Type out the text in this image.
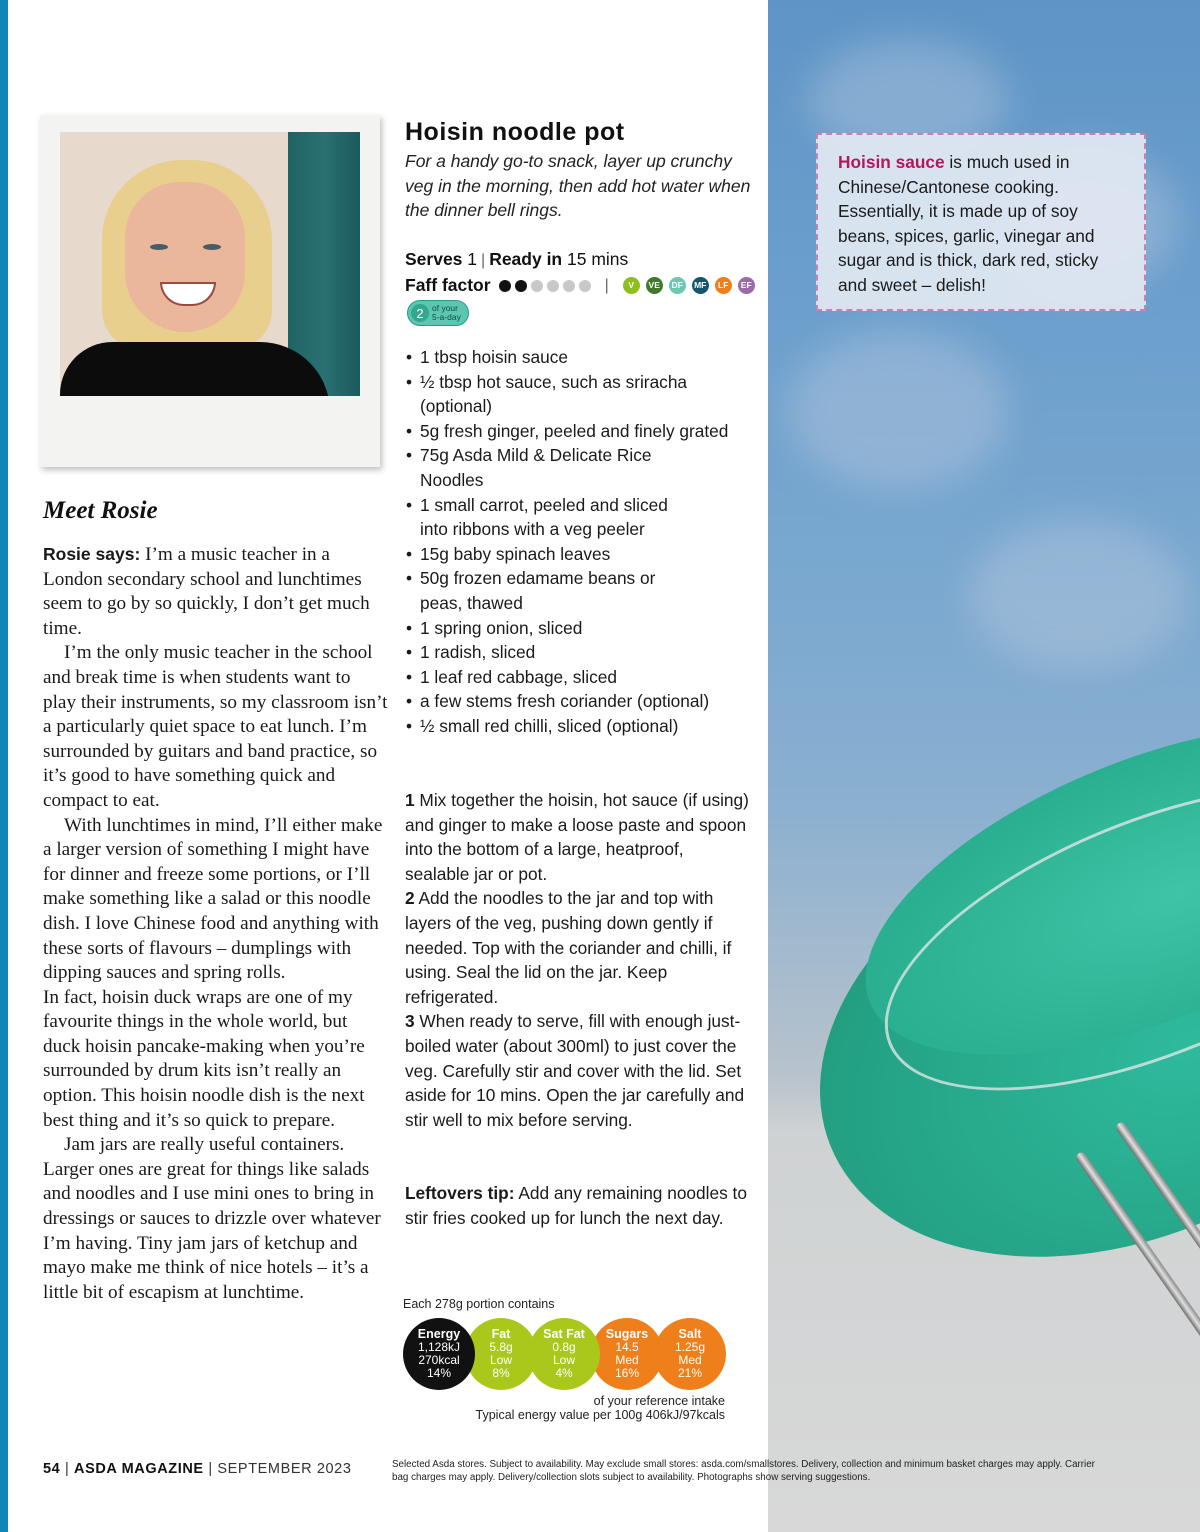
Meet Rosie

Rosie says: I’m a music teacher in a London secondary school and lunchtimes seem to go by so quickly, I don’t get much time.

I’m the only music teacher in the school and break time is when students want to play their instruments, so my classroom isn’t a particularly quiet space to eat lunch. I’m surrounded by guitars and band practice, so it’s good to have something quick and compact to eat.

With lunchtimes in mind, I’ll either make a larger version of something I might have for dinner and freeze some portions, or I’ll make something like a salad or this noodle dish. I love Chinese food and anything with these sorts of flavours – dumplings with dipping sauces and spring rolls.

In fact, hoisin duck wraps are one of my favourite things in the whole world, but duck hoisin pancake-making when you’re surrounded by drum kits isn’t really an option. This hoisin noodle dish is the next best thing and it’s so quick to prepare.

Jam jars are really useful containers. Larger ones are great for things like salads and noodles and I use mini ones to bring in dressings or sauces to drizzle over whatever I’m having. Tiny jam jars of ketchup and mayo make me think of nice hotels – it’s a little bit of escapism at lunchtime.

Hoisin noodle pot
For a handy go-to snack, layer up crunchy veg in the morning, then add hot water when the dinner bell rings.
Serves 1 | Ready in 15 mins
Faff factor	|	V	VE	DF	MF	LF	EF
2 of your
5-a-day
• 1 tbsp hoisin sauce
• ½ tbsp hot sauce, such as sriracha (optional)
• 5g fresh ginger, peeled and finely grated
• 75g Asda Mild & Delicate Rice Noodles
• 1 small carrot, peeled and sliced into ribbons with a veg peeler
• 15g baby spinach leaves
• 50g frozen edamame beans or peas, thawed
• 1 spring onion, sliced
• 1 radish, sliced
• 1 leaf red cabbage, sliced
• a few stems fresh coriander (optional)
• ½ small red chilli, sliced (optional)

1 Mix together the hoisin, hot sauce (if using) and ginger to make a loose paste and spoon into the bottom of a large, heatproof, sealable jar or pot.

2 Add the noodles to the jar and top with layers of the veg, pushing down gently if needed. Top with the coriander and chilli, if using. Seal the lid on the jar. Keep refrigerated.

3 When ready to serve, fill with enough just-boiled water (about 300ml) to just cover the veg. Carefully stir and cover with the lid. Set aside for 10 mins. Open the jar carefully and stir well to mix before serving.

Leftovers tip: Add any remaining noodles to stir fries cooked up for lunch the next day.
Each 278g portion contains
Energy
1,128kJ
270kcal
14%
Fat
5.8g
Low
8%
Sat Fat
0.8g
Low
4%
Sugars
14.5
Med
16%
Salt
1.25g
Med
21%
of your reference intake
Typical energy value per 100g 406kJ/97kcals
Hoisin sauce is much used in Chinese/Cantonese cooking. Essentially, it is made up of soy beans, spices, garlic, vinegar and sugar and is thick, dark red, sticky and sweet – delish!
54 | ASDA MAGAZINE | SEPTEMBER 2023	Selected Asda stores. Subject to availability. May exclude small stores: asda.com/smallstores. Delivery, collection and minimum basket charges may apply. Carrier bag charges may apply. Delivery/collection slots subject to availability. Photographs show serving suggestions.
